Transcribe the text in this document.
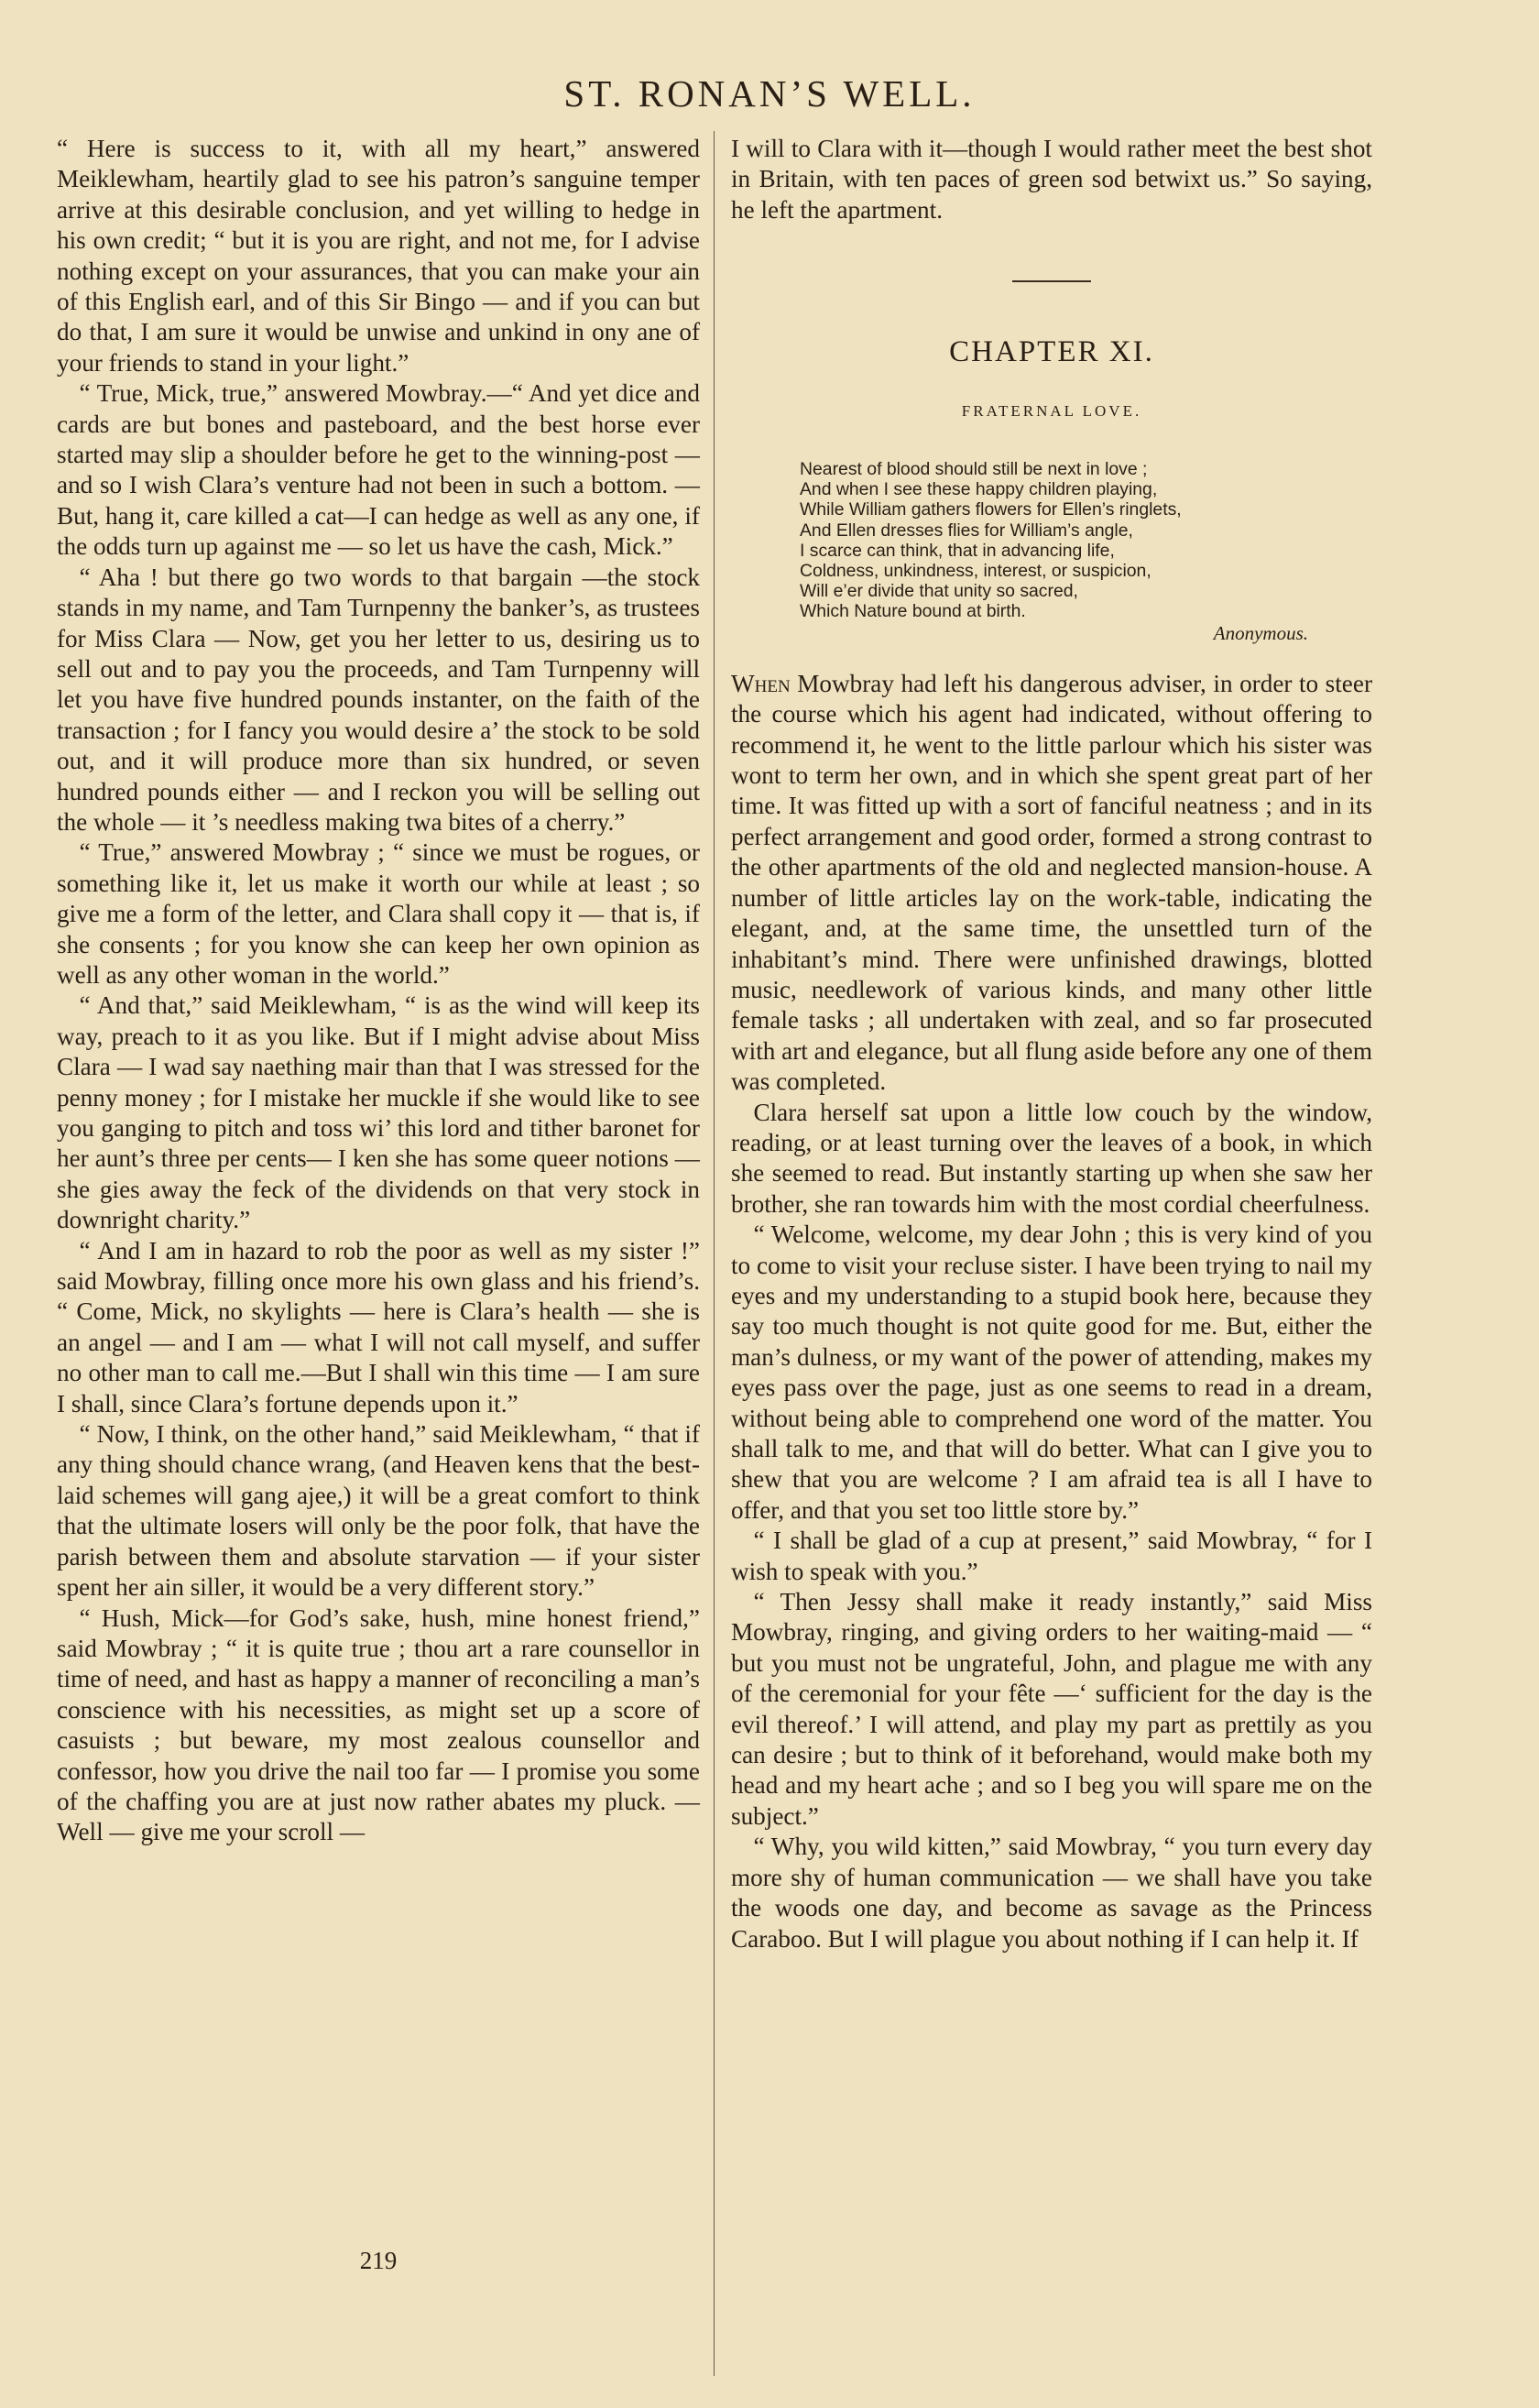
ST. RONAN’S WELL.

“ Here is success to it, with all my heart,” answered Meiklewham, heartily glad to see his patron’s sanguine temper arrive at this desirable conclusion, and yet willing to hedge in his own credit; “ but it is you are right, and not me, for I advise nothing except on your assurances, that you can make your ain of this English earl, and of this Sir Bingo — and if you can but do that, I am sure it would be unwise and unkind in ony ane of your friends to stand in your light.”

“ True, Mick, true,” answered Mowbray.—“ And yet dice and cards are but bones and pasteboard, and the best horse ever started may slip a shoulder before he get to the winning-post — and so I wish Clara’s venture had not been in such a bottom. — But, hang it, care killed a cat—I can hedge as well as any one, if the odds turn up against me — so let us have the cash, Mick.”

“ Aha ! but there go two words to that bargain —the stock stands in my name, and Tam Turnpenny the banker’s, as trustees for Miss Clara — Now, get you her letter to us, desiring us to sell out and to pay you the proceeds, and Tam Turnpenny will let you have five hundred pounds instanter, on the faith of the transaction ; for I fancy you would desire a’ the stock to be sold out, and it will produce more than six hundred, or seven hundred pounds either — and I reckon you will be selling out the whole — it ’s needless making twa bites of a cherry.”

“ True,” answered Mowbray ; “ since we must be rogues, or something like it, let us make it worth our while at least ; so give me a form of the letter, and Clara shall copy it — that is, if she consents ; for you know she can keep her own opinion as well as any other woman in the world.”

“ And that,” said Meiklewham, “ is as the wind will keep its way, preach to it as you like. But if I might advise about Miss Clara — I wad say naething mair than that I was stressed for the penny money ; for I mistake her muckle if she would like to see you ganging to pitch and toss wi’ this lord and tither baronet for her aunt’s three per cents— I ken she has some queer notions — she gies away the feck of the dividends on that very stock in downright charity.”

“ And I am in hazard to rob the poor as well as my sister !” said Mowbray, filling once more his own glass and his friend’s. “ Come, Mick, no skylights — here is Clara’s health — she is an angel — and I am — what I will not call myself, and suffer no other man to call me.—But I shall win this time — I am sure I shall, since Clara’s fortune depends upon it.”

“ Now, I think, on the other hand,” said Meiklewham, “ that if any thing should chance wrang, (and Heaven kens that the best-laid schemes will gang ajee,) it will be a great comfort to think that the ultimate losers will only be the poor folk, that have the parish between them and absolute starvation — if your sister spent her ain siller, it would be a very different story.”

“ Hush, Mick—for God’s sake, hush, mine honest friend,” said Mowbray ; “ it is quite true ; thou art a rare counsellor in time of need, and hast as happy a manner of reconciling a man’s conscience with his necessities, as might set up a score of casuists ; but beware, my most zealous counsellor and confessor, how you drive the nail too far — I promise you some of the chaffing you are at just now rather abates my pluck. — Well — give me your scroll —

219

I will to Clara with it—though I would rather meet the best shot in Britain, with ten paces of green sod betwixt us.” So saying, he left the apartment.

CHAPTER XI.
FRATERNAL LOVE.
Nearest of blood should still be next in love ;
And when I see these happy children playing,
While William gathers flowers for Ellen’s ringlets,
And Ellen dresses flies for William’s angle,
I scarce can think, that in advancing life,
Coldness, unkindness, interest, or suspicion,
Will e’er divide that unity so sacred,
Which Nature bound at birth.
Anonymous.

When Mowbray had left his dangerous adviser, in order to steer the course which his agent had indicated, without offering to recommend it, he went to the little parlour which his sister was wont to term her own, and in which she spent great part of her time. It was fitted up with a sort of fanciful neatness ; and in its perfect arrangement and good order, formed a strong contrast to the other apartments of the old and neglected mansion-house. A number of little articles lay on the work-table, indicating the elegant, and, at the same time, the unsettled turn of the inhabitant’s mind. There were unfinished drawings, blotted music, needlework of various kinds, and many other little female tasks ; all undertaken with zeal, and so far prosecuted with art and elegance, but all flung aside before any one of them was completed.

Clara herself sat upon a little low couch by the window, reading, or at least turning over the leaves of a book, in which she seemed to read. But instantly starting up when she saw her brother, she ran towards him with the most cordial cheerfulness.

“ Welcome, welcome, my dear John ; this is very kind of you to come to visit your recluse sister. I have been trying to nail my eyes and my understanding to a stupid book here, because they say too much thought is not quite good for me. But, either the man’s dulness, or my want of the power of attending, makes my eyes pass over the page, just as one seems to read in a dream, without being able to comprehend one word of the matter. You shall talk to me, and that will do better. What can I give you to shew that you are welcome ? I am afraid tea is all I have to offer, and that you set too little store by.”

“ I shall be glad of a cup at present,” said Mowbray, “ for I wish to speak with you.”

“ Then Jessy shall make it ready instantly,” said Miss Mowbray, ringing, and giving orders to her waiting-maid — “ but you must not be ungrateful, John, and plague me with any of the ceremonial for your fête —‘ sufficient for the day is the evil thereof.’ I will attend, and play my part as prettily as you can desire ; but to think of it beforehand, would make both my head and my heart ache ; and so I beg you will spare me on the subject.”

“ Why, you wild kitten,” said Mowbray, “ you turn every day more shy of human communication — we shall have you take the woods one day, and become as savage as the Princess Caraboo. But I will plague you about nothing if I can help it. If
